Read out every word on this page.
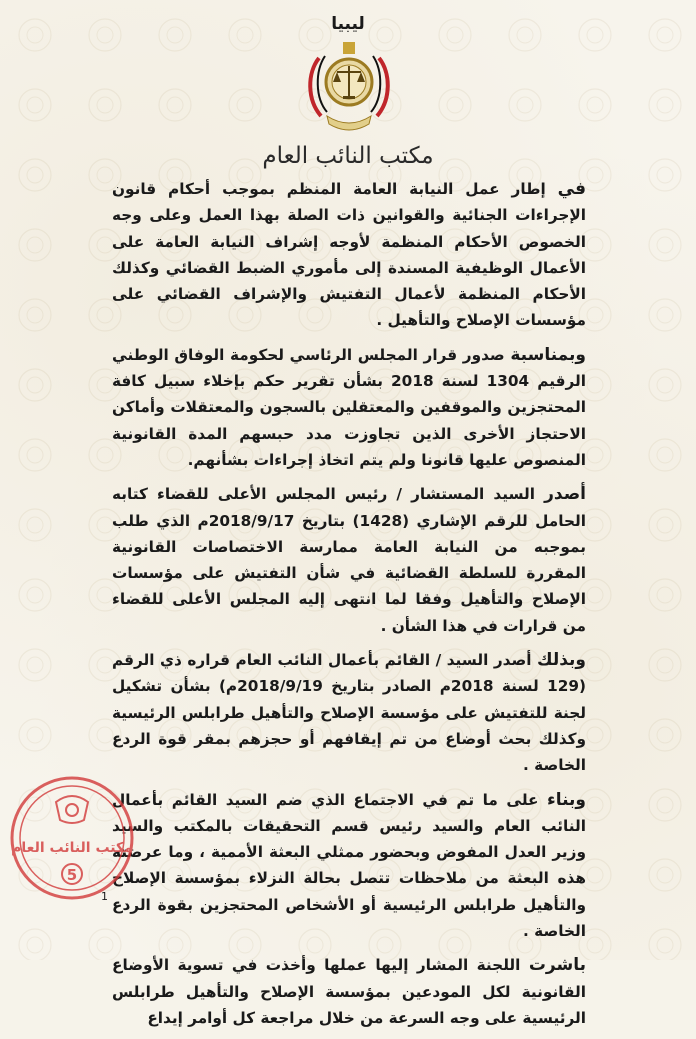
ليبيا
مكتب النائب العام

في إطار عمل النيابة العامة المنظم بموجب أحكام قانون الإجراءات الجنائية والقوانين ذات الصلة بهذا العمل وعلى وجه الخصوص الأحكام المنظمة لأوجه إشراف النيابة العامة على الأعمال الوظيفية المسندة إلى مأموري الضبط القضائي وكذلك الأحكام المنظمة لأعمال التفتيش والإشراف القضائي على مؤسسات الإصلاح والتأهيل .

وبمناسبة صدور قرار المجلس الرئاسي لحكومة الوفاق الوطني الرقيم 1304 لسنة 2018 بشأن تقرير حكم بإخلاء سبيل كافة المحتجزين والموقفين والمعتقلين بالسجون والمعتقلات وأماكن الاحتجاز الأخرى الذين تجاوزت مدد حبسهم المدة القانونية المنصوص عليها قانونا ولم يتم اتخاذ إجراءات بشأنهم.

أصدر السيد المستشار / رئيس المجلس الأعلى للقضاء كتابه الحامل للرقم الإشاري (1428) بتاريخ 2018/9/17م الذي طلب بموجبه من النيابة العامة ممارسة الاختصاصات القانونية المقررة للسلطة القضائية في شأن التفتيش على مؤسسات الإصلاح والتأهيل وفقا لما انتهى إليه المجلس الأعلى للقضاء من قرارات في هذا الشأن .

وبذلك أصدر السيد / القائم بأعمال النائب العام قراره ذي الرقم (129 لسنة 2018م الصادر بتاريخ 2018/9/19م) بشأن تشكيل لجنة للتفتيش على مؤسسة الإصلاح والتأهيل طرابلس الرئيسية وكذلك بحث أوضاع من تم إيقافهم أو حجزهم بمقر قوة الردع الخاصة .

وبناء على ما تم في الاجتماع الذي ضم السيد القائم بأعمال النائب العام والسيد رئيس قسم التحقيقات بالمكتب والسيد وزير العدل المفوض وبحضور ممثلي البعثة الأممية ، وما عرضته هذه البعثة من ملاحظات تتصل بحالة النزلاء بمؤسسة الإصلاح والتأهيل طرابلس الرئيسية أو الأشخاص المحتجزين بقوة الردع الخاصة .

باشرت اللجنة المشار إليها عملها وأخذت في تسوية الأوضاع القانونية لكل المودعين بمؤسسة الإصلاح والتأهيل طرابلس الرئيسية على وجه السرعة من خلال مراجعة كل أوامر إيداع

مكتب النائب العام
5
1
